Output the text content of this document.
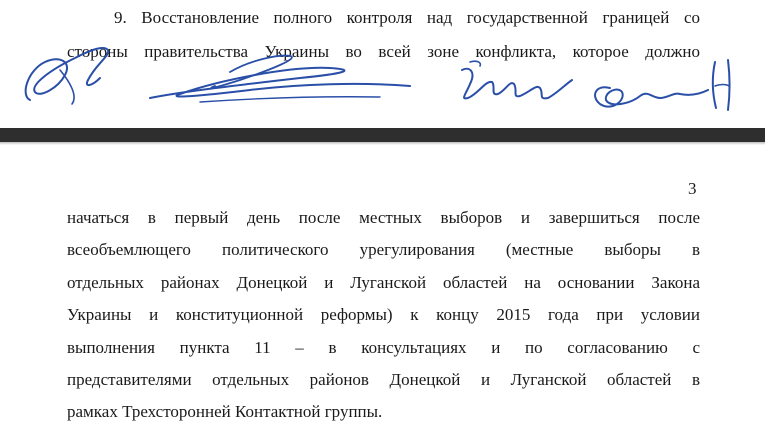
9. Восстановление полного контроля над государственной границей со
стороны правительства Украины во всей зоне конфликта, которое должно
3
начаться в первый день после местных выборов и завершиться после
всеобъемлющего политического урегулирования (местные выборы в
отдельных районах Донецкой и Луганской областей на основании Закона
Украины и конституционной реформы) к концу 2015 года при условии
выполнения пункта 11 – в консультациях и по согласованию с
представителями отдельных районов Донецкой и Луганской областей в
рамках Трехсторонней Контактной группы.
